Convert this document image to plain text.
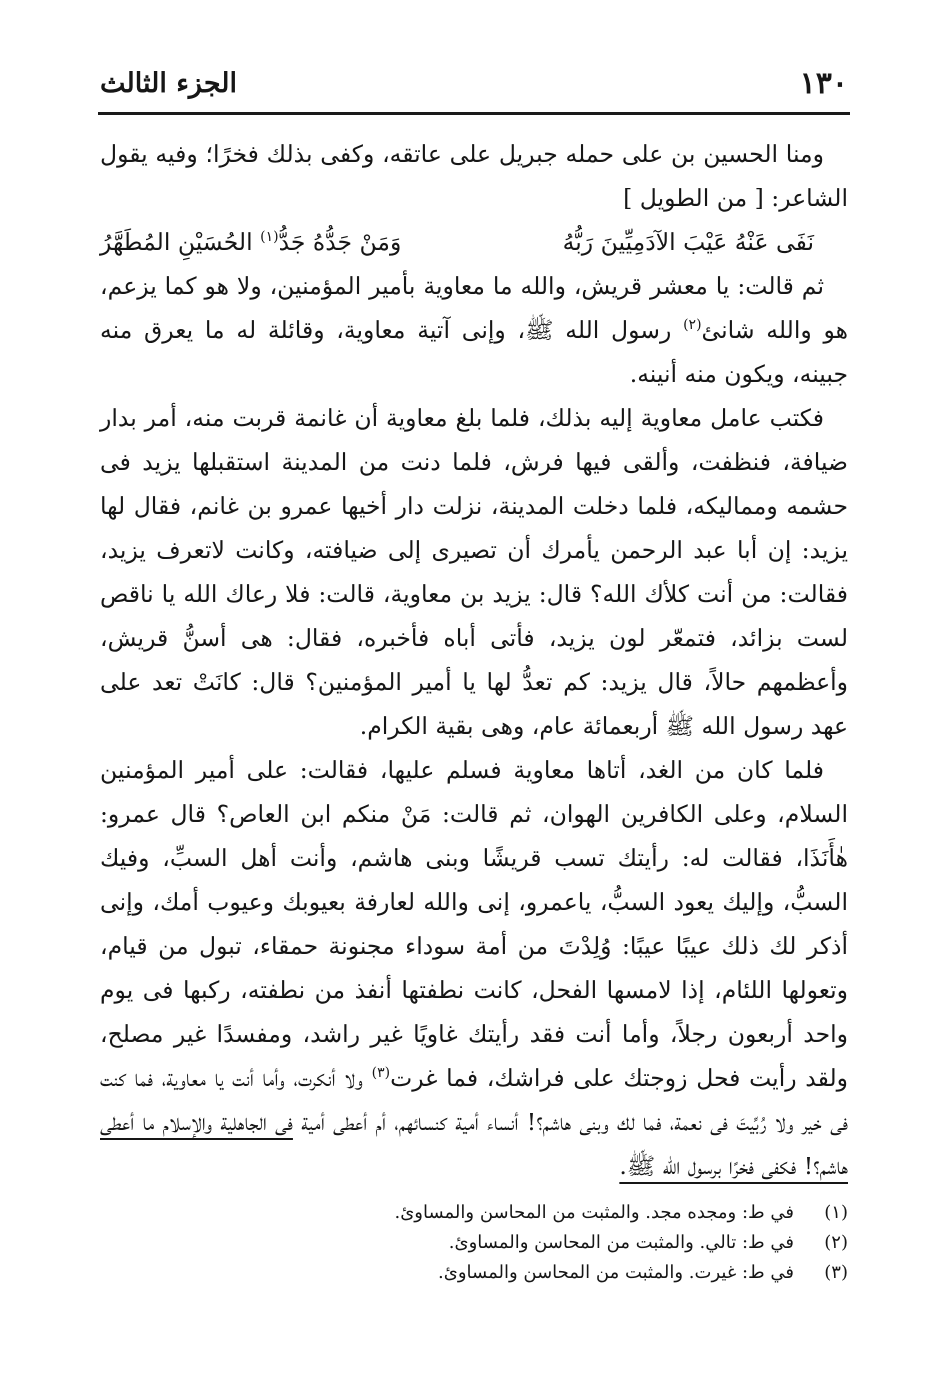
١٣٠
الجزء الثالث

ومنا الحسين بن على حمله جبريل على عاتقه، وكفى بذلك فخرًا؛ وفيه يقول الشاعر: [ من الطويل ]

نَفَى عَنْهُ عَيْبَ الآدَمِيِّينَ رَبُّهُ
وَمَنْ جَدُّهُ جَدُّ$^{(١)}$ الحُسَيْنِ المُطَهَّرُ

ثم قالت: يا معشر قريش، والله ما معاوية بأمير المؤمنين، ولا هو كما يزعم، هو والله شانئ$^{(٢)}$ رسول الله ﷺ، وإنى آتية معاوية، وقائلة له ما يعرق منه جبينه، ويكون منه أنينه.

فكتب عامل معاوية إليه بذلك، فلما بلغ معاوية أن غانمة قربت منه، أمر بدار ضيافة، فنظفت، وألقى فيها فرش، فلما دنت من المدينة استقبلها يزيد فى حشمه ومماليكه، فلما دخلت المدينة، نزلت دار أخيها عمرو بن غانم، فقال لها يزيد: إن أبا عبد الرحمن يأمرك أن تصيرى إلى ضيافته، وكانت لاتعرف يزيد، فقالت: من أنت كلأك الله؟ قال: يزيد بن معاوية، قالت: فلا رعاك الله يا ناقص لست بزائد، فتمعّر لون يزيد، فأتى أباه فأخبره، فقال: هى أسنُّ قريش، وأعظمهم حالاً، قال يزيد: كم تعدُّ لها يا أمير المؤمنين؟ قال: كانَتْ تعد على عهد رسول الله ﷺ أربعمائة عام، وهى بقية الكرام.

فلما كان من الغد، أتاها معاوية فسلم عليها، فقالت: على أمير المؤمنين السلام، وعلى الكافرين الهوان، ثم قالت: مَنْ منكم ابن العاص؟ قال عمرو: هٰأَنَذَا، فقالت له: رأيتك تسب قريشًا وبنى هاشم، وأنت أهل السبِّ، وفيك السبُّ، وإليك يعود السبُّ، ياعمرو، إنى والله لعارفة بعيوبك وعيوب أمك، وإنى أذكر لك ذلك عيبًا عيبًا: وُلِدْتَ من أمة سوداء مجنونة حمقاء، تبول من قيام، وتعولها اللئام، إذا لامسها الفحل، كانت نطفتها أنفذ من نطفته، ركبها فى يوم واحد أربعون رجلاً، وأما أنت فقد رأيتك غاويًا غير راشد، ومفسدًا غير مصلح، ولقد رأيت فحل زوجتك على فراشك، فما غرت$^{(٣)}$ ولا أنكرت، وأما أنت يا معاوية، فما كنت فى خير ولا رُبِّيتَ فى نعمة، فما لك وبنى هاشم؟! أنساء أمية كنسائهم، أم أعطى أمية فى الجاهلية والإسلام ما أعطى هاشم؟! فكفى فخرًا برسول الله ﷺ.

(١)
في ط: ومجده مجد. والمثبت من المحاسن والمساوئ.
(٢)
في ط: تالي. والمثبت من المحاسن والمساوئ.
(٣)
في ط: غيرت. والمثبت من المحاسن والمساوئ.
